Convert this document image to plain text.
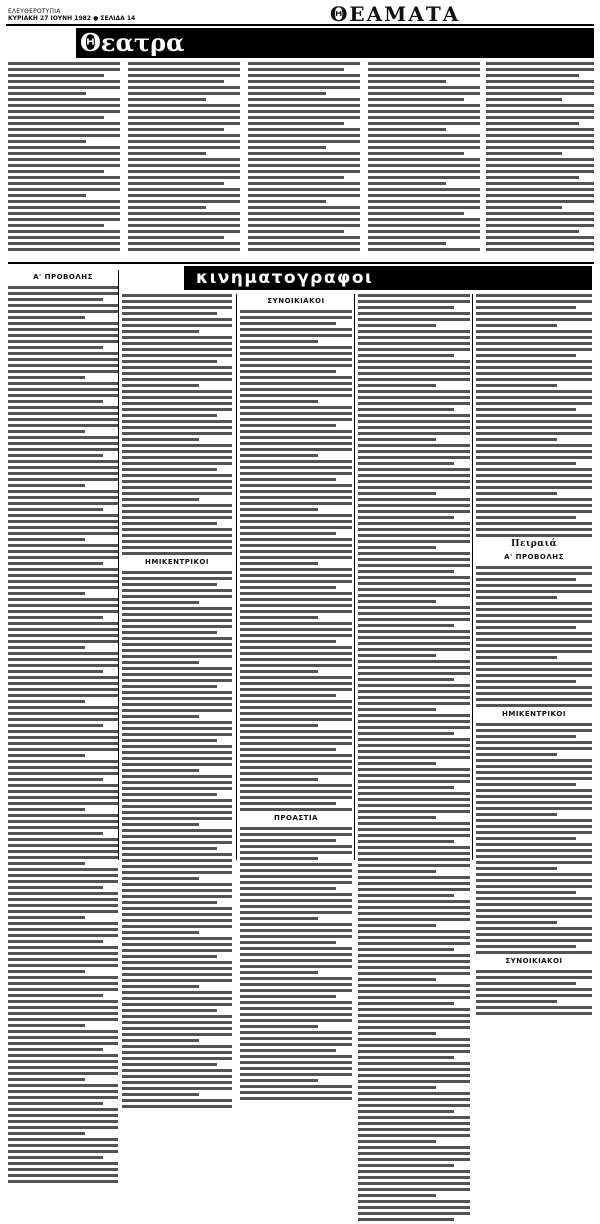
ΕΛΕΥΘΕΡΟΤΥΠΙΑ
ΚΥΡΙΑΚΗ 27 ΙΟΥΝΗ 1982 ● ΣΕΛΙΔΑ 14	ΘΕΑΜΑΤΑ
Θεατρα
κινηματογραφοι
Α' ΠΡΟΒΟΛΗΣ
ΗΜΙΚΕΝΤΡΙΚΟΙ
ΣΥΝΟΙΚΙΑΚΟΙ
ΠΡΟΑΣΤΙΑ
Πειραιά
Α' ΠΡΟΒΟΛΗΣ
ΗΜΙΚΕΝΤΡΙΚΟΙ
ΣΥΝΟΙΚΙΑΚΟΙ
